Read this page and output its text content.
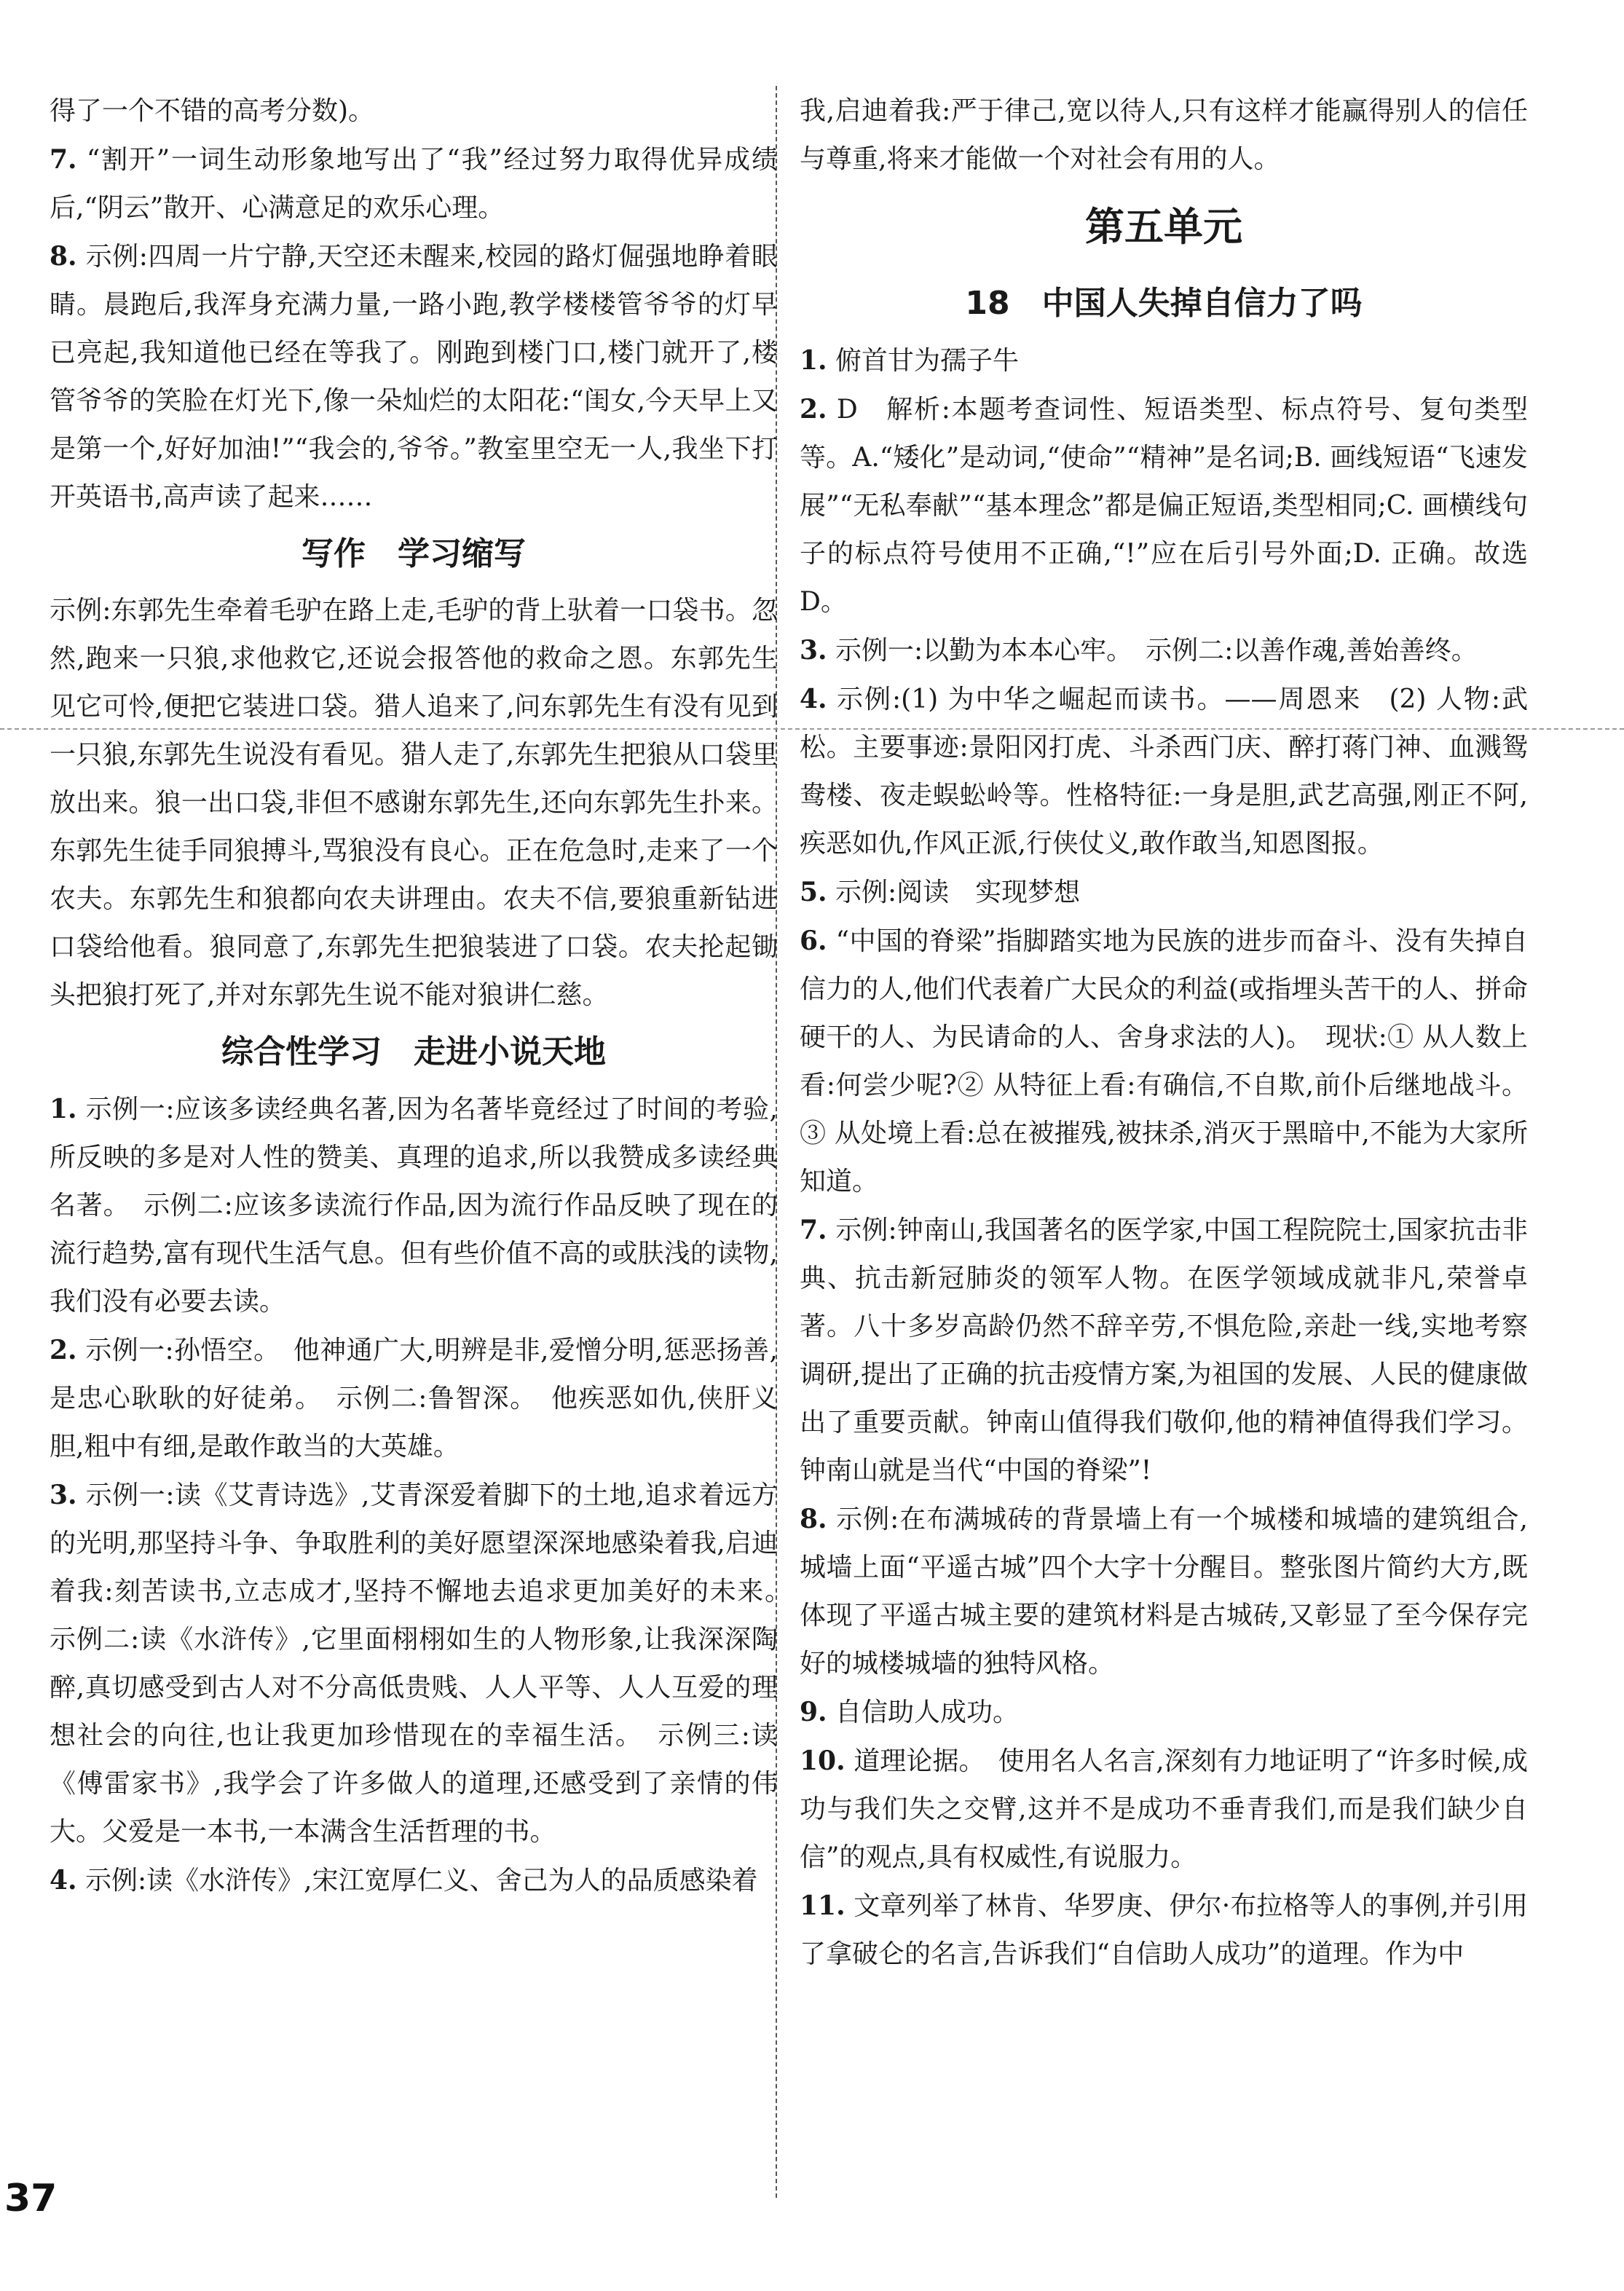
得了一个不错的高考分数)。

7. “割开”一词生动形象地写出了“我”经过努力取得优异成绩后,“阴云”散开、心满意足的欢乐心理。

8. 示例:四周一片宁静,天空还未醒来,校园的路灯倔强地睁着眼睛。晨跑后,我浑身充满力量,一路小跑,教学楼楼管爷爷的灯早已亮起,我知道他已经在等我了。刚跑到楼门口,楼门就开了,楼管爷爷的笑脸在灯光下,像一朵灿烂的太阳花:“闺女,今天早上又是第一个,好好加油!”“我会的,爷爷。”教室里空无一人,我坐下打开英语书,高声读了起来……

写作　学习缩写

示例:东郭先生牵着毛驴在路上走,毛驴的背上驮着一口袋书。忽然,跑来一只狼,求他救它,还说会报答他的救命之恩。东郭先生见它可怜,便把它装进口袋。猎人追来了,问东郭先生有没有见到一只狼,东郭先生说没有看见。猎人走了,东郭先生把狼从口袋里放出来。狼一出口袋,非但不感谢东郭先生,还向东郭先生扑来。东郭先生徒手同狼搏斗,骂狼没有良心。正在危急时,走来了一个农夫。东郭先生和狼都向农夫讲理由。农夫不信,要狼重新钻进口袋给他看。狼同意了,东郭先生把狼装进了口袋。农夫抡起锄头把狼打死了,并对东郭先生说不能对狼讲仁慈。

综合性学习　走进小说天地

1. 示例一:应该多读经典名著,因为名著毕竟经过了时间的考验,所反映的多是对人性的赞美、真理的追求,所以我赞成多读经典名著。　示例二:应该多读流行作品,因为流行作品反映了现在的流行趋势,富有现代生活气息。但有些价值不高的或肤浅的读物,我们没有必要去读。

2. 示例一:孙悟空。　他神通广大,明辨是非,爱憎分明,惩恶扬善,是忠心耿耿的好徒弟。　示例二:鲁智深。　他疾恶如仇,侠肝义胆,粗中有细,是敢作敢当的大英雄。

3. 示例一:读《艾青诗选》,艾青深爱着脚下的土地,追求着远方的光明,那坚持斗争、争取胜利的美好愿望深深地感染着我,启迪着我:刻苦读书,立志成才,坚持不懈地去追求更加美好的未来。　示例二:读《水浒传》,它里面栩栩如生的人物形象,让我深深陶醉,真切感受到古人对不分高低贵贱、人人平等、人人互爱的理想社会的向往,也让我更加珍惜现在的幸福生活。　示例三:读《傅雷家书》,我学会了许多做人的道理,还感受到了亲情的伟大。父爱是一本书,一本满含生活哲理的书。

4. 示例:读《水浒传》,宋江宽厚仁义、舍己为人的品质感染着

我,启迪着我:严于律己,宽以待人,只有这样才能赢得别人的信任与尊重,将来才能做一个对社会有用的人。

第五单元
18　中国人失掉自信力了吗

1. 俯首甘为孺子牛

2. D　解析:本题考查词性、短语类型、标点符号、复句类型等。A.“矮化”是动词,“使命”“精神”是名词;B. 画线短语“飞速发展”“无私奉献”“基本理念”都是偏正短语,类型相同;C. 画横线句子的标点符号使用不正确,“!”应在后引号外面;D. 正确。故选 D。

3. 示例一:以勤为本本心牢。　示例二:以善作魂,善始善终。

4. 示例:(1) 为中华之崛起而读书。——周恩来　(2) 人物:武松。主要事迹:景阳冈打虎、斗杀西门庆、醉打蒋门神、血溅鸳鸯楼、夜走蜈蚣岭等。性格特征:一身是胆,武艺高强,刚正不阿,疾恶如仇,作风正派,行侠仗义,敢作敢当,知恩图报。

5. 示例:阅读　实现梦想

6. “中国的脊梁”指脚踏实地为民族的进步而奋斗、没有失掉自信力的人,他们代表着广大民众的利益(或指埋头苦干的人、拼命硬干的人、为民请命的人、舍身求法的人)。　现状:① 从人数上看:何尝少呢?② 从特征上看:有确信,不自欺,前仆后继地战斗。③ 从处境上看:总在被摧残,被抹杀,消灭于黑暗中,不能为大家所知道。

7. 示例:钟南山,我国著名的医学家,中国工程院院士,国家抗击非典、抗击新冠肺炎的领军人物。在医学领域成就非凡,荣誉卓著。八十多岁高龄仍然不辞辛劳,不惧危险,亲赴一线,实地考察调研,提出了正确的抗击疫情方案,为祖国的发展、人民的健康做出了重要贡献。钟南山值得我们敬仰,他的精神值得我们学习。钟南山就是当代“中国的脊梁”!

8. 示例:在布满城砖的背景墙上有一个城楼和城墙的建筑组合,城墙上面“平遥古城”四个大字十分醒目。整张图片简约大方,既体现了平遥古城主要的建筑材料是古城砖,又彰显了至今保存完好的城楼城墙的独特风格。

9. 自信助人成功。

10. 道理论据。　使用名人名言,深刻有力地证明了“许多时候,成功与我们失之交臂,这并不是成功不垂青我们,而是我们缺少自信”的观点,具有权威性,有说服力。

11. 文章列举了林肯、华罗庚、伊尔·布拉格等人的事例,并引用了拿破仑的名言,告诉我们“自信助人成功”的道理。作为中

37
